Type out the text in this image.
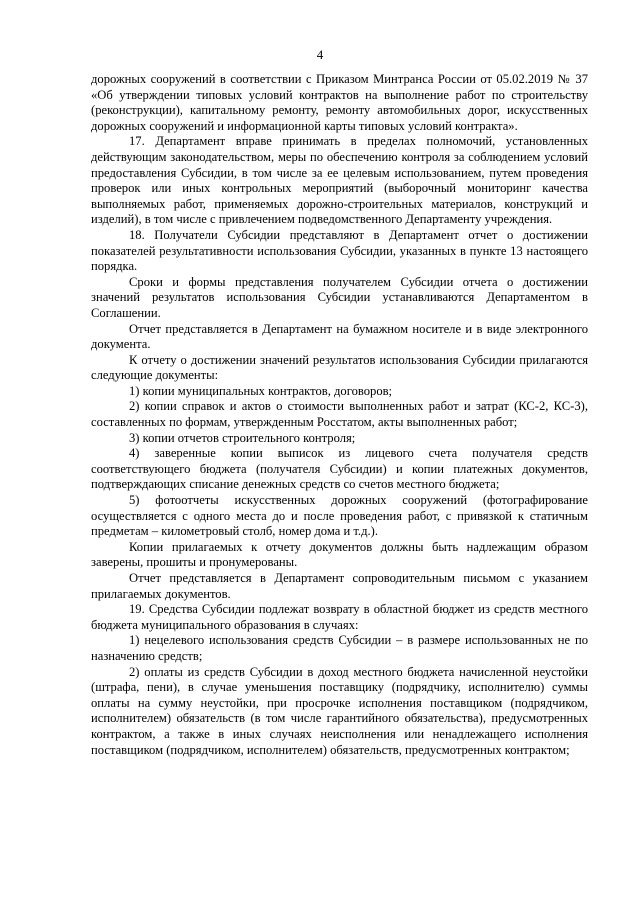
4

дорожных сооружений в соответствии с Приказом Минтранса России от 05.02.2019 № 37 «Об утверждении типовых условий контрактов на выполнение работ по строительству (реконструкции), капитальному ремонту, ремонту автомобильных дорог, искусственных дорожных сооружений и информационной карты типовых условий контракта».

17. Департамент вправе принимать в пределах полномочий, установленных действующим законодательством, меры по обеспечению контроля за соблюдением условий предоставления Субсидии, в том числе за ее целевым использованием, путем проведения проверок или иных контрольных мероприятий (выборочный мониторинг качества выполняемых работ, применяемых дорожно-строительных материалов, конструкций и изделий), в том числе с привлечением подведомственного Департаменту учреждения.

18. Получатели Субсидии представляют в Департамент отчет о достижении показателей результативности использования Субсидии, указанных в пункте 13 настоящего порядка.

Сроки и формы представления получателем Субсидии отчета о достижении значений результатов использования Субсидии устанавливаются Департаментом в Соглашении.

Отчет представляется в Департамент на бумажном носителе и в виде электронного документа.

К отчету о достижении значений результатов использования Субсидии прилагаются следующие документы:

1) копии муниципальных контрактов, договоров;

2) копии справок и актов о стоимости выполненных работ и затрат (КС-2, КС-3), составленных по формам, утвержденным Росстатом, акты выполненных работ;

3) копии отчетов строительного контроля;

4) заверенные копии выписок из лицевого счета получателя средств соответствующего бюджета (получателя Субсидии) и копии платежных документов, подтверждающих списание денежных средств со счетов местного бюджета;

5) фотоотчеты искусственных дорожных сооружений (фотографирование осуществляется с одного места до и после проведения работ, с привязкой к статичным предметам – километровый столб, номер дома и т.д.).

Копии прилагаемых к отчету документов должны быть надлежащим образом заверены, прошиты и пронумерованы.

Отчет представляется в Департамент сопроводительным письмом с указанием прилагаемых документов.

19. Средства Субсидии подлежат возврату в областной бюджет из средств местного бюджета муниципального образования в случаях:

1) нецелевого использования средств Субсидии – в размере использованных не по назначению средств;

2) оплаты из средств Субсидии в доход местного бюджета начисленной неустойки (штрафа, пени), в случае уменьшения поставщику (подрядчику, исполнителю) суммы оплаты на сумму неустойки, при просрочке исполнения поставщиком (подрядчиком, исполнителем) обязательств (в том числе гарантийного обязательства), предусмотренных контрактом, а также в иных случаях неисполнения или ненадлежащего исполнения поставщиком (подрядчиком, исполнителем) обязательств, предусмотренных контрактом;
